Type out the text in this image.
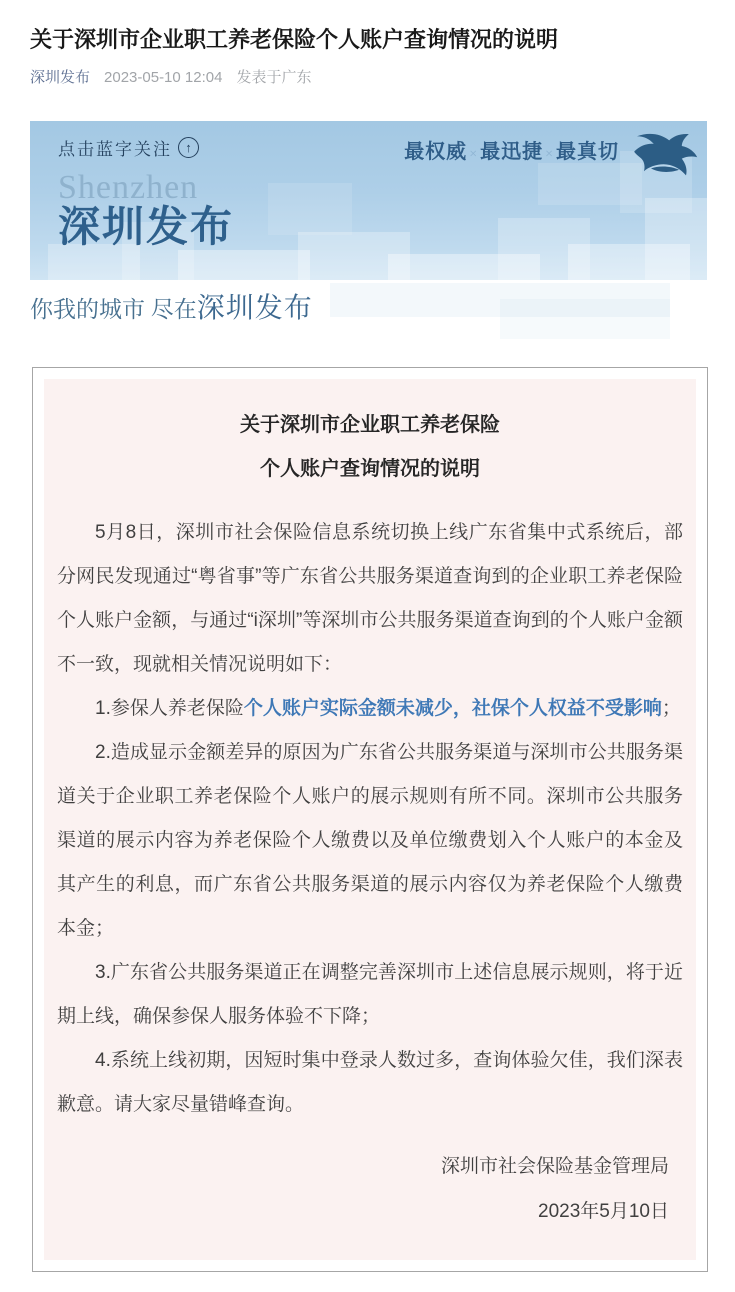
关于深圳市企业职工养老保险个人账户查询情况的说明
深圳发布 2023-05-10 12:04 发表于广东
点击蓝字关注	↑	最权威 × 最迅捷 × 最真切
Shenzhen
深圳发布
你我的城市 尽在深圳发布
关于深圳市企业职工养老保险
个人账户查询情况的说明

5月8日，深圳市社会保险信息系统切换上线广东省集中式系统后，部分网民发现通过“粤省事”等广东省公共服务渠道查询到的企业职工养老保险个人账户金额，与通过“i深圳”等深圳市公共服务渠道查询到的个人账户金额不一致，现就相关情况说明如下：

1.参保人养老保险个人账户实际金额未减少，社保个人权益不受影响；

2.造成显示金额差异的原因为广东省公共服务渠道与深圳市公共服务渠道关于企业职工养老保险个人账户的展示规则有所不同。深圳市公共服务渠道的展示内容为养老保险个人缴费以及单位缴费划入个人账户的本金及其产生的利息，而广东省公共服务渠道的展示内容仅为养老保险个人缴费本金；

3.广东省公共服务渠道正在调整完善深圳市上述信息展示规则，将于近期上线，确保参保人服务体验不下降；

4.系统上线初期，因短时集中登录人数过多，查询体验欠佳，我们深表歉意。请大家尽量错峰查询。

深圳市社会保险基金管理局
2023年5月10日
